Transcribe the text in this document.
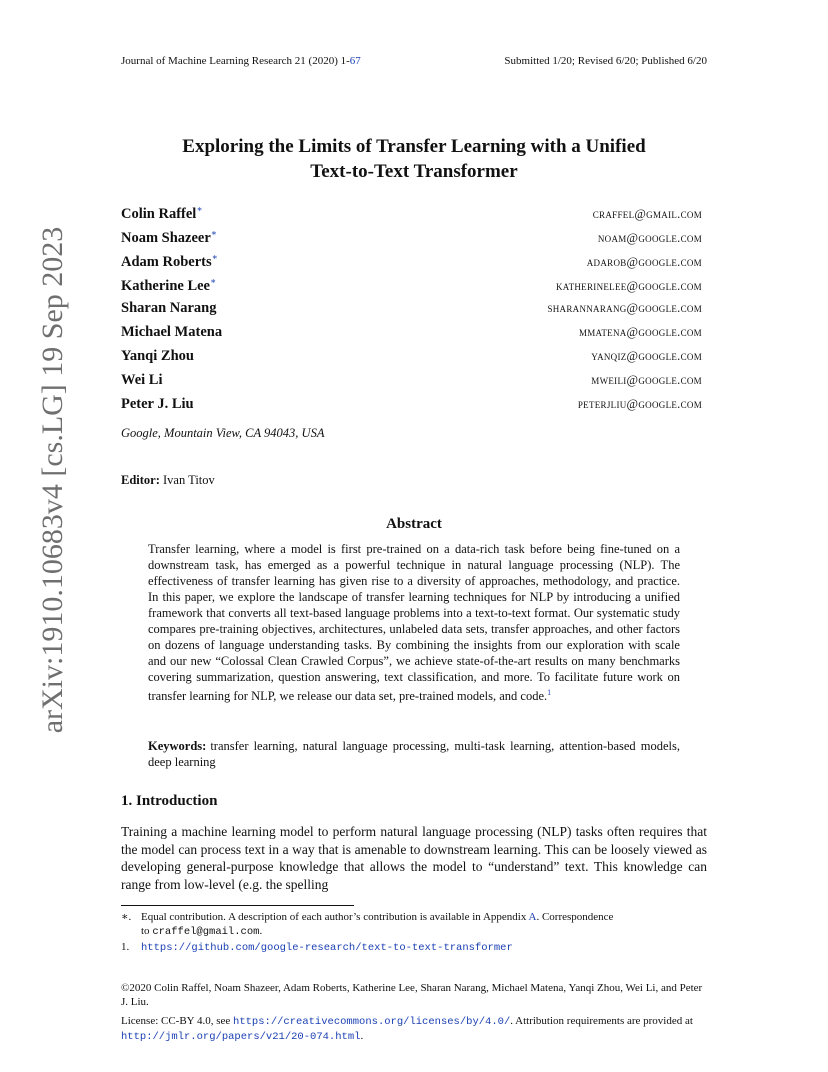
arXiv:1910.10683v4 [cs.LG] 19 Sep 2023
Journal of Machine Learning Research 21 (2020) 1-67	Submitted 1/20; Revised 6/20; Published 6/20
Exploring the Limits of Transfer Learning with a Unified
Text-to-Text Transformer
Colin Raffel∗	craffel@gmail.com
Noam Shazeer∗	noam@google.com
Adam Roberts∗	adarob@google.com
Katherine Lee∗	katherinelee@google.com
Sharan Narang	sharannarang@google.com
Michael Matena	mmatena@google.com
Yanqi Zhou	yanqiz@google.com
Wei Li	mweili@google.com
Peter J. Liu	peterjliu@google.com
Google, Mountain View, CA 94043, USA
Editor: Ivan Titov
Abstract
Transfer learning, where a model is first pre-trained on a data-rich task before being fine-tuned on a downstream task, has emerged as a powerful technique in natural language processing (NLP). The effectiveness of transfer learning has given rise to a diversity of approaches, methodology, and practice. In this paper, we explore the landscape of transfer learning techniques for NLP by introducing a unified framework that converts all text-based language problems into a text-to-text format. Our systematic study compares pre-training objectives, architectures, unlabeled data sets, transfer approaches, and other factors on dozens of language understanding tasks. By combining the insights from our exploration with scale and our new “Colossal Clean Crawled Corpus”, we achieve state-of-the-art results on many benchmarks covering summarization, question answering, text classification, and more. To facilitate future work on transfer learning for NLP, we release our data set, pre-trained models, and code.$^1$
Keywords: transfer learning, natural language processing, multi-task learning, attention-based models, deep learning
1. Introduction
Training a machine learning model to perform natural language processing (NLP) tasks often requires that the model can process text in a way that is amenable to downstream learning. This can be loosely viewed as developing general-purpose knowledge that allows the model to “understand” text. This knowledge can range from low-level (e.g. the spelling
∗. Equal contribution. A description of each author’s contribution is available in Appendix A. Correspondence
to craffel@gmail.com.
1. https://github.com/google-research/text-to-text-transformer
©2020 Colin Raffel, Noam Shazeer, Adam Roberts, Katherine Lee, Sharan Narang, Michael Matena, Yanqi Zhou, Wei Li, and Peter J. Liu.
License: CC-BY 4.0, see https://creativecommons.org/licenses/by/4.0/. Attribution requirements are provided at
http://jmlr.org/papers/v21/20-074.html.
